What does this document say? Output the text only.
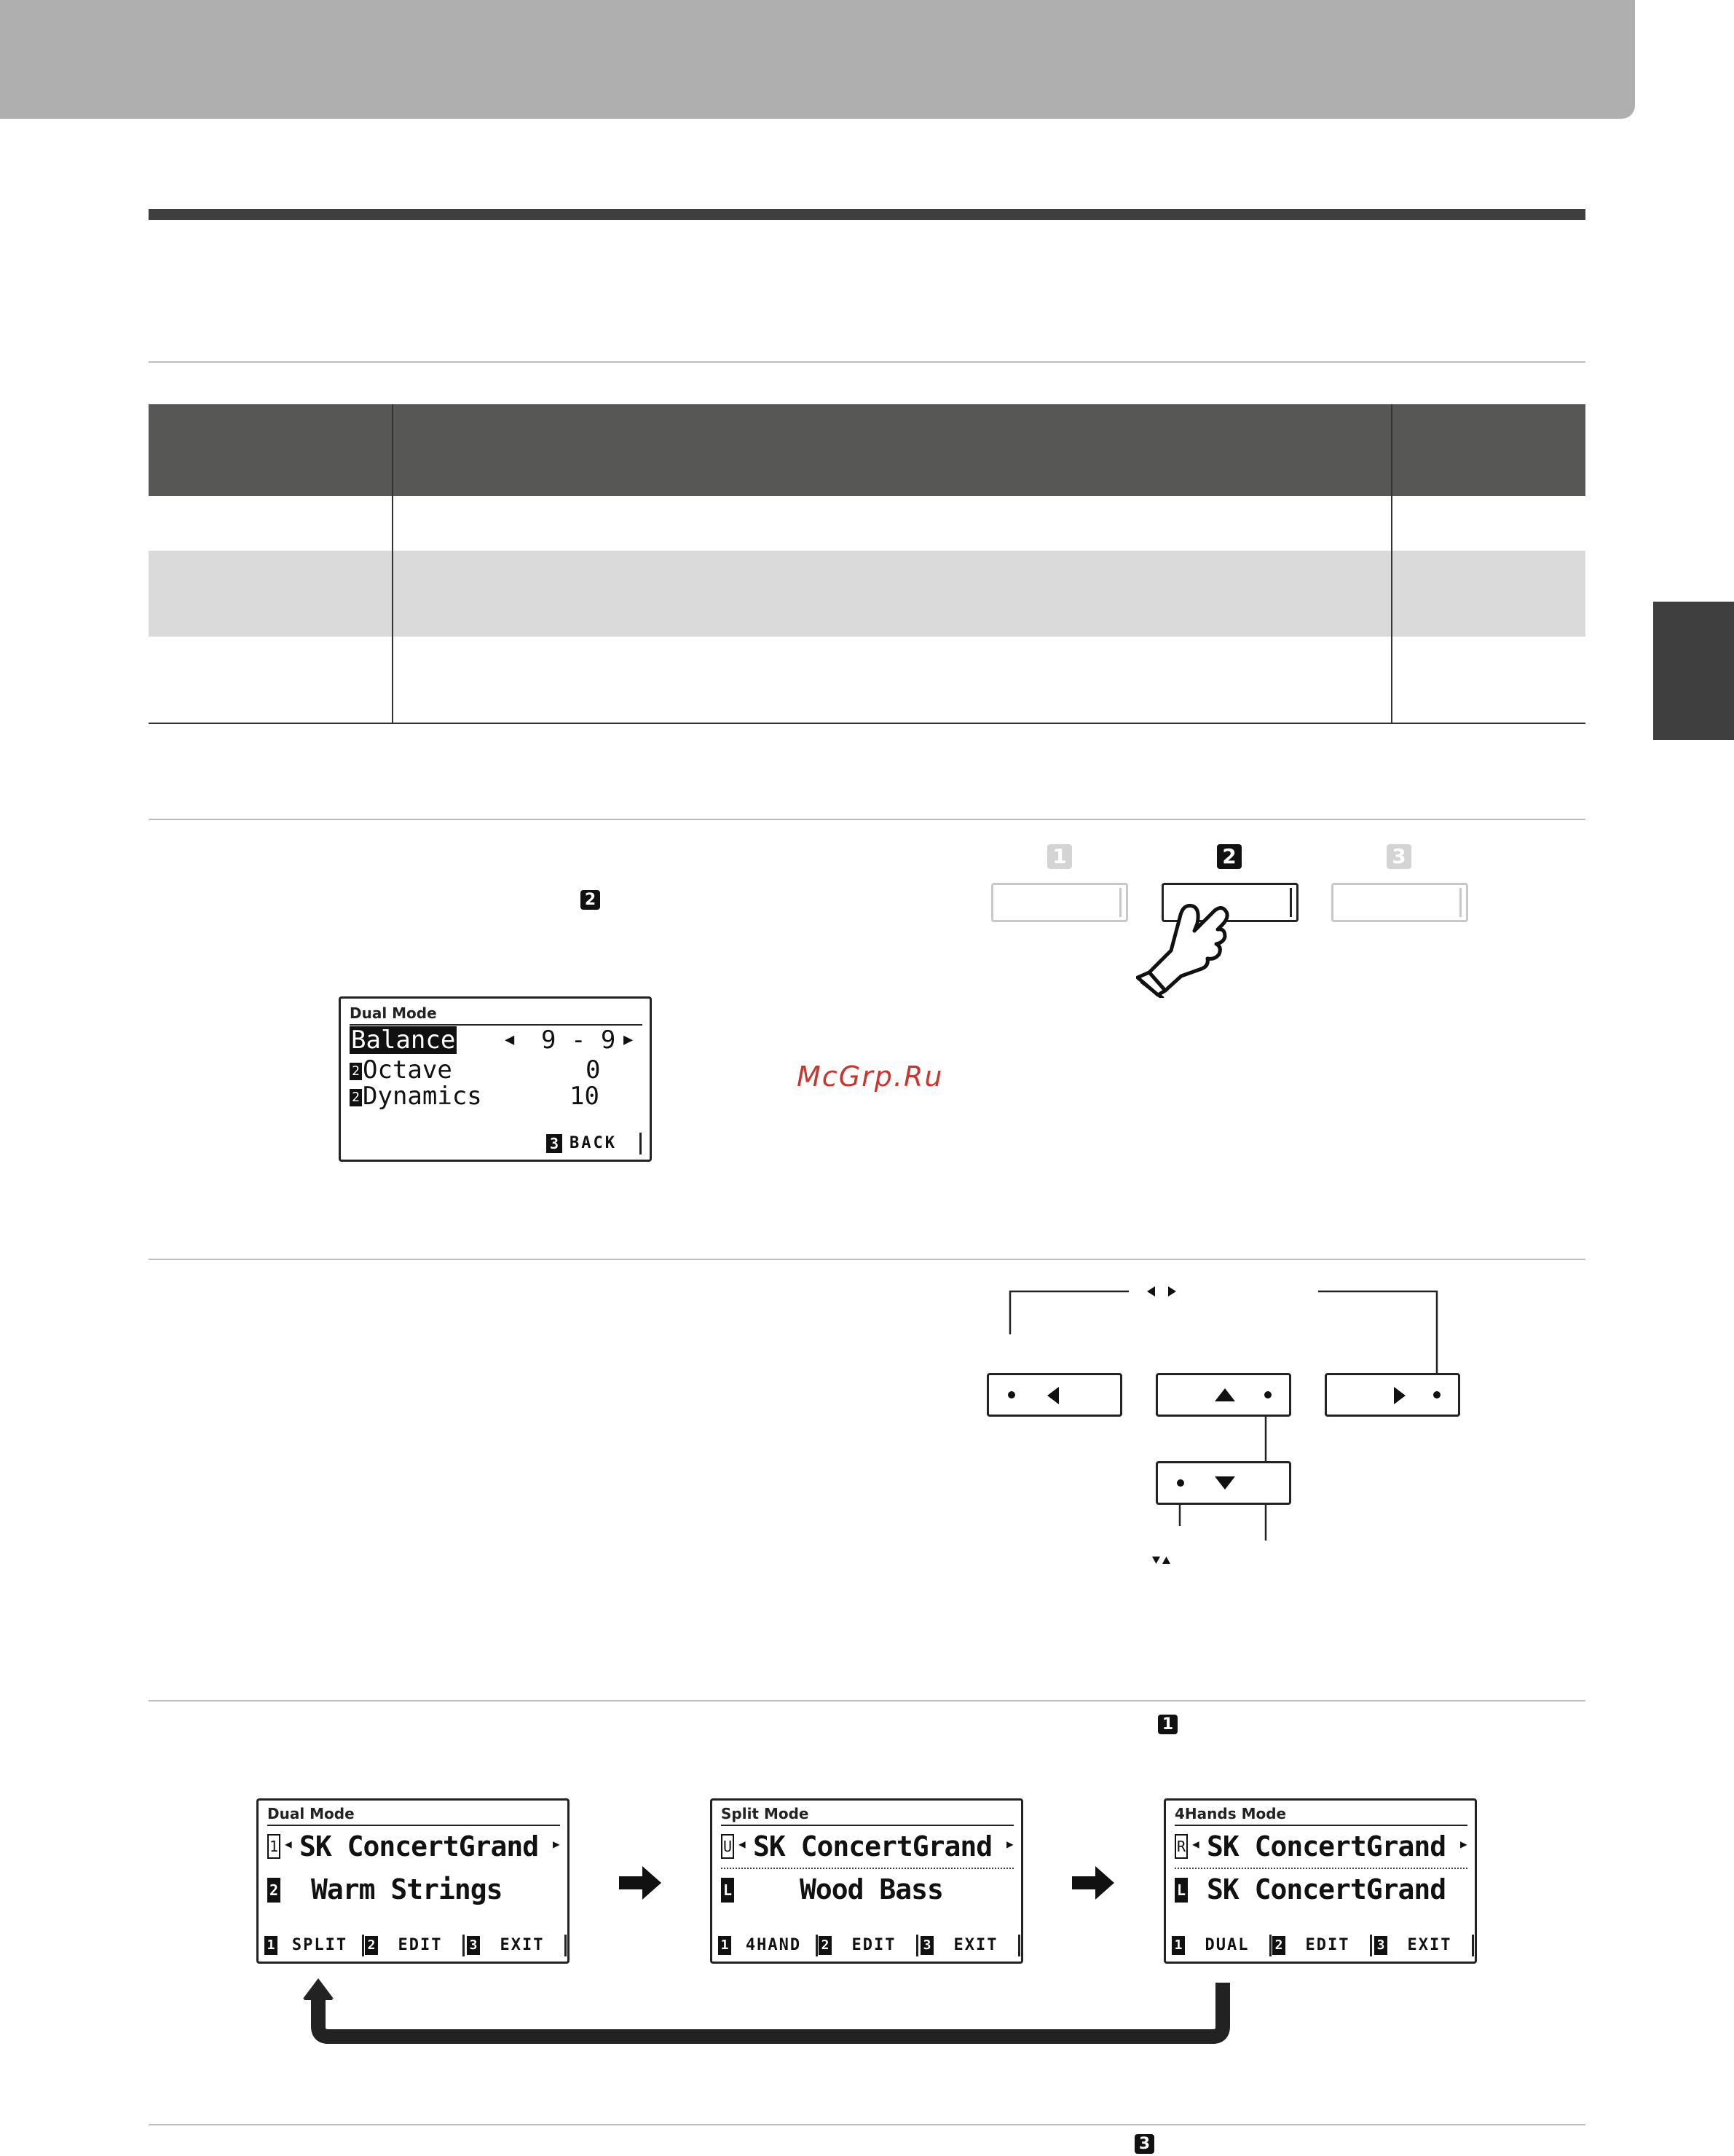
2
1	2	3
Dual Mode
Balance	◀ 9 - 9 ▶
2 Octave	0
2 Dynamics	10
3 BACK
McGrp.Ru
1
Dual Mode
1 ◀ SK ConcertGrand ▶
2 Warm Strings
1	SPLIT	2	EDIT	3	EXIT
Split Mode
U ◀ SK ConcertGrand ▶
L Wood Bass
1	4HAND	2	EDIT	3	EXIT
4Hands Mode
R ◀ SK ConcertGrand ▶
L SK ConcertGrand
1	DUAL	2	EDIT	3	EXIT
3
